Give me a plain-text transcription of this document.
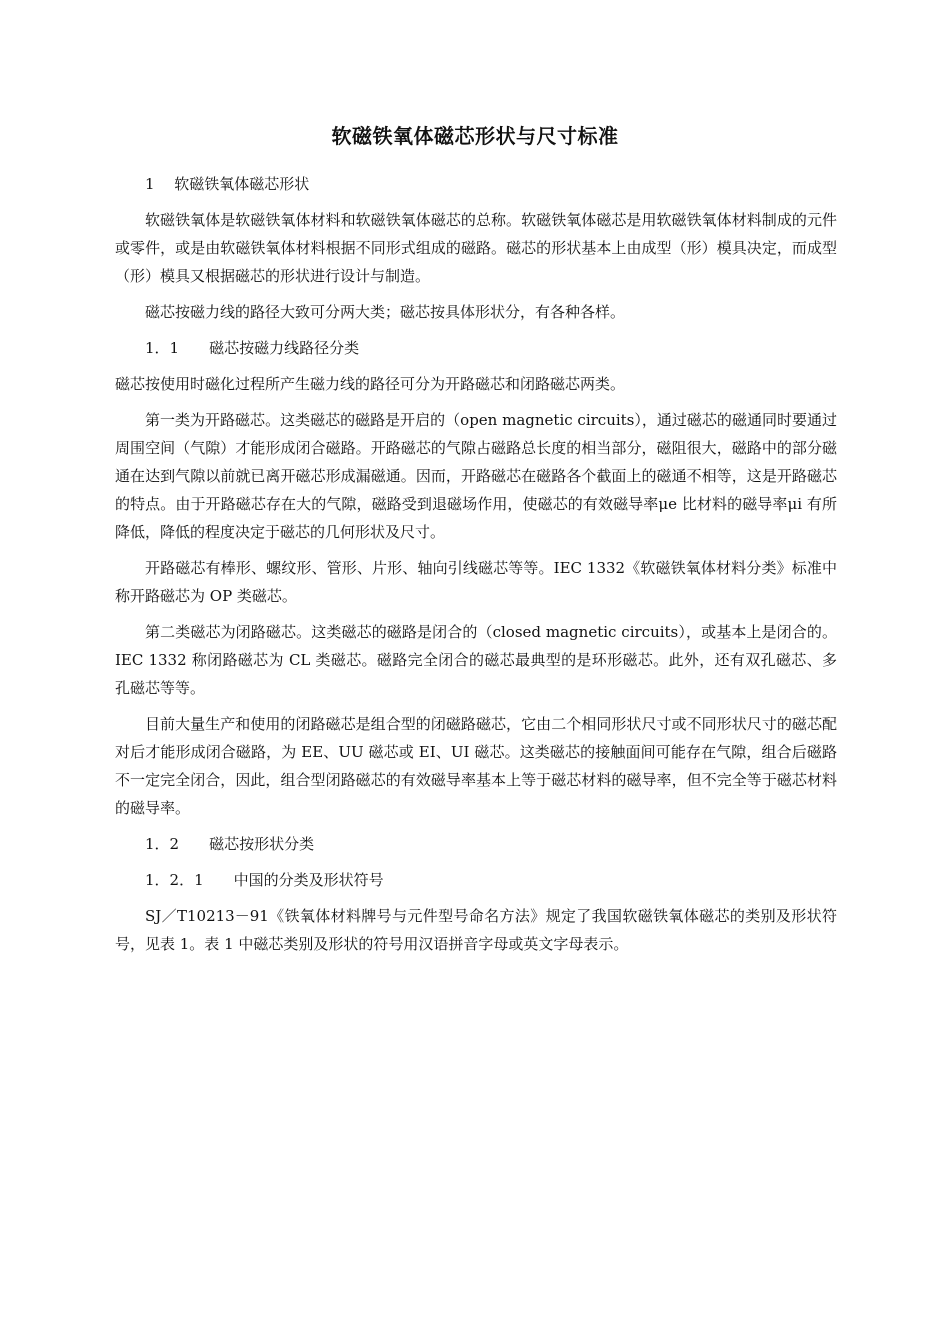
软磁铁氧体磁芯形状与尺寸标准

1　 软磁铁氧体磁芯形状

软磁铁氧体是软磁铁氧体材料和软磁铁氧体磁芯的总称。软磁铁氧体磁芯是用软磁铁氧体材料制成的元件或零件，或是由软磁铁氧体材料根据不同形式组成的磁路。磁芯的形状基本上由成型（形）模具决定，而成型（形）模具又根据磁芯的形状进行设计与制造。

磁芯按磁力线的路径大致可分两大类；磁芯按具体形状分，有各种各样。

1．1　　磁芯按磁力线路径分类

磁芯按使用时磁化过程所产生磁力线的路径可分为开路磁芯和闭路磁芯两类。

第一类为开路磁芯。这类磁芯的磁路是开启的（open magnetic circuits），通过磁芯的磁通同时要通过周围空间（气隙）才能形成闭合磁路。开路磁芯的气隙占磁路总长度的相当部分，磁阻很大，磁路中的部分磁通在达到气隙以前就已离开磁芯形成漏磁通。因而，开路磁芯在磁路各个截面上的磁通不相等，这是开路磁芯的特点。由于开路磁芯存在大的气隙，磁路受到退磁场作用，使磁芯的有效磁导率μe 比材料的磁导率μi 有所降低，降低的程度决定于磁芯的几何形状及尺寸。

开路磁芯有棒形、螺纹形、管形、片形、轴向引线磁芯等等。IEC 1332《软磁铁氧体材料分类》标准中称开路磁芯为 OP 类磁芯。

第二类磁芯为闭路磁芯。这类磁芯的磁路是闭合的（closed magnetic circuits），或基本上是闭合的。IEC 1332 称闭路磁芯为 CL 类磁芯。磁路完全闭合的磁芯最典型的是环形磁芯。此外，还有双孔磁芯、多孔磁芯等等。

目前大量生产和使用的闭路磁芯是组合型的闭磁路磁芯，它由二个相同形状尺寸或不同形状尺寸的磁芯配对后才能形成闭合磁路，为 EE、UU 磁芯或 EI、UI 磁芯。这类磁芯的接触面间可能存在气隙，组合后磁路不一定完全闭合，因此，组合型闭路磁芯的有效磁导率基本上等于磁芯材料的磁导率，但不完全等于磁芯材料的磁导率。

1．2　　磁芯按形状分类

1．2．1　　中国的分类及形状符号

SJ／T10213－91《铁氧体材料牌号与元件型号命名方法》规定了我国软磁铁氧体磁芯的类别及形状符号，见表 1。表 1 中磁芯类别及形状的符号用汉语拼音字母或英文字母表示。
